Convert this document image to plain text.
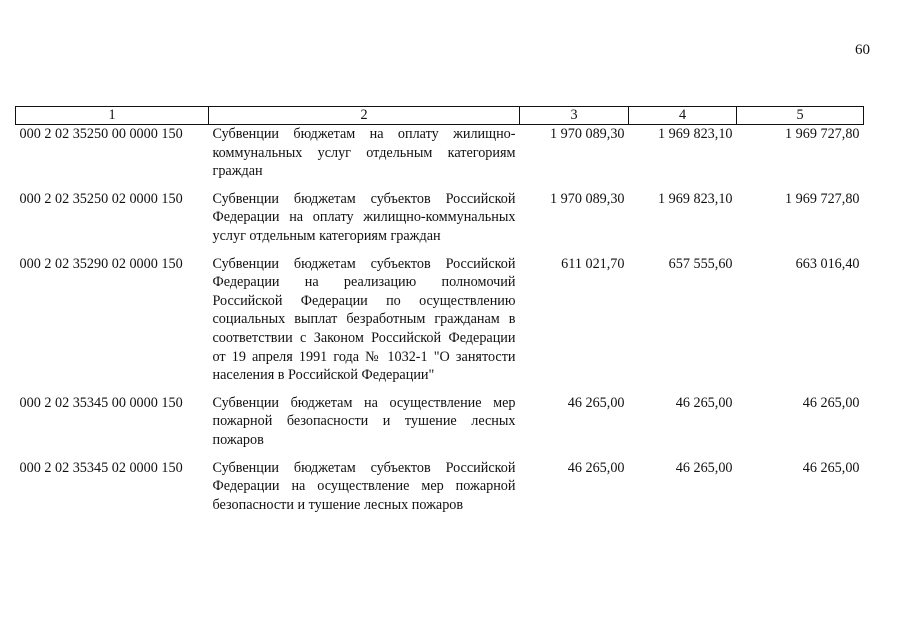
60
1	2	3	4	5
000 2 02 35250 00 0000 150	Субвенции бюджетам на оплату жилищно-коммунальных услуг отдельным категориям граждан	1 970 089,30	1 969 823,10	1 969 727,80
000 2 02 35250 02 0000 150	Субвенции бюджетам субъектов Российской Федерации на оплату жилищно-коммунальных услуг отдельным категориям граждан	1 970 089,30	1 969 823,10	1 969 727,80
000 2 02 35290 02 0000 150	Субвенции бюджетам субъектов Российской Федерации на реализацию полномочий Российской Федерации по осуществлению социальных выплат безработным гражданам в соответствии с Законом Российской Федерации от 19 апреля 1991 года № 1032-1 "О занятости населения в Российской Федерации"	611 021,70	657 555,60	663 016,40
000 2 02 35345 00 0000 150	Субвенции бюджетам на осуществление мер пожарной безопасности и тушение лесных пожаров	46 265,00	46 265,00	46 265,00
000 2 02 35345 02 0000 150	Субвенции бюджетам субъектов Российской Федерации на осуществление мер пожарной безопасности и тушение лесных пожаров	46 265,00	46 265,00	46 265,00
